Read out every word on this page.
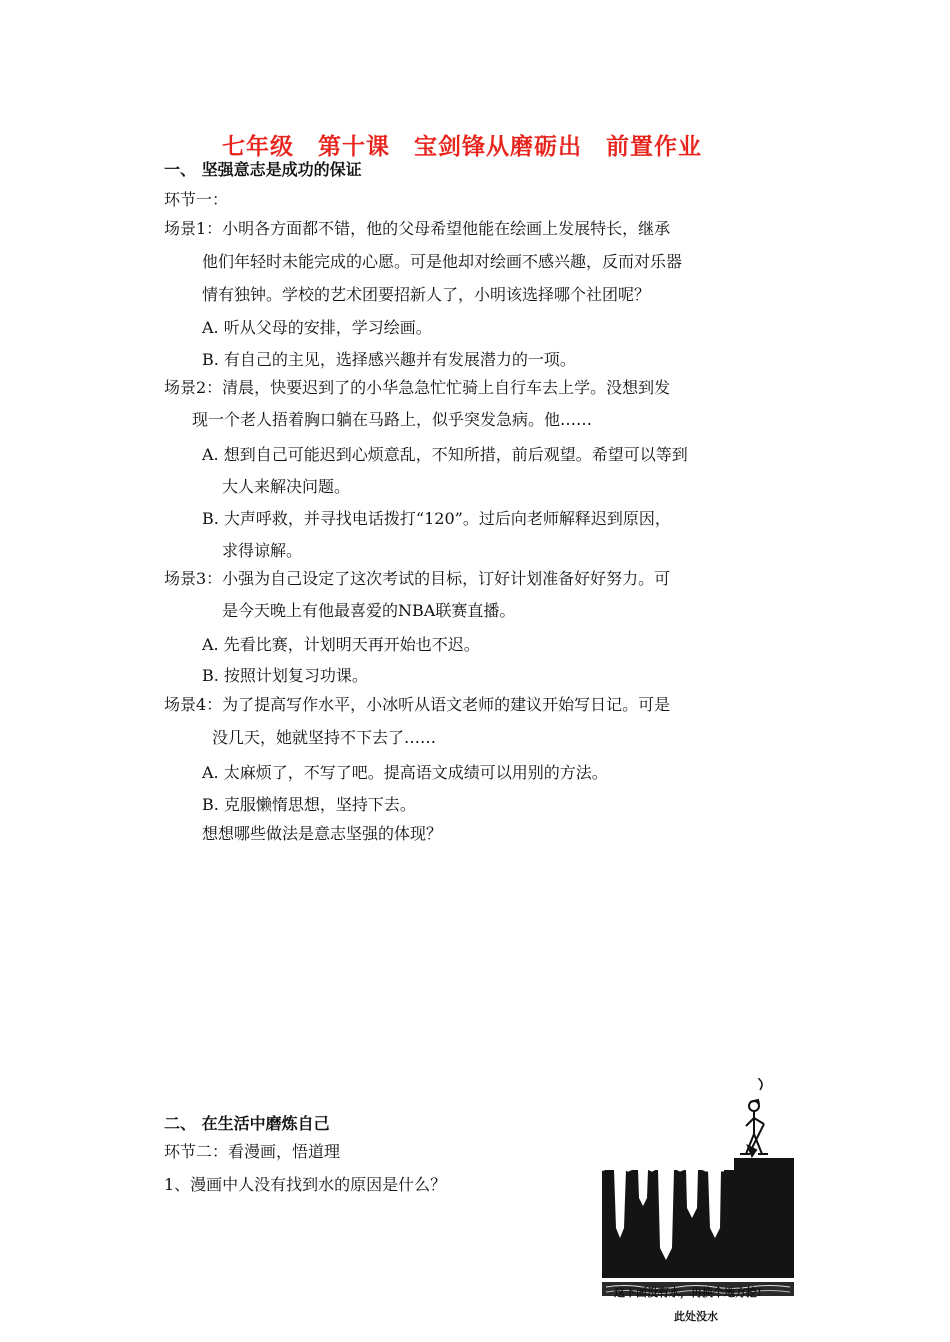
七年级　第十课　宝剑锋从磨砺出　前置作业
一、 坚强意志是成功的保证
环节一：
场景1：小明各方面都不错，他的父母希望他能在绘画上发展特长，继承
他们年轻时未能完成的心愿。可是他却对绘画不感兴趣，反而对乐器
情有独钟。学校的艺术团要招新人了，小明该选择哪个社团呢？
A. 听从父母的安排，学习绘画。
B. 有自己的主见，选择感兴趣并有发展潜力的一项。
场景2：清晨，快要迟到了的小华急急忙忙骑上自行车去上学。没想到发
现一个老人捂着胸口躺在马路上，似乎突发急病。他……
A. 想到自己可能迟到心烦意乱，不知所措，前后观望。希望可以等到
大人来解决问题。
B. 大声呼救，并寻找电话拨打“120”。过后向老师解释迟到原因，
求得谅解。
场景3：小强为自己设定了这次考试的目标，订好计划准备好好努力。可
是今天晚上有他最喜爱的NBA联赛直播。
A. 先看比赛，计划明天再开始也不迟。
B. 按照计划复习功课。
场景4：为了提高写作水平，小冰听从语文老师的建议开始写日记。可是
没几天，她就坚持不下去了……
A. 太麻烦了，不写了吧。提高语文成绩可以用别的方法。
B. 克服懒惰思想，坚持下去。
想想哪些做法是意志坚强的体现？
二、 在生活中磨炼自己
环节二：看漫画，悟道理
1、漫画中人没有找到水的原因是什么？
这下面没有水，再换个地方挖!
此处没水
